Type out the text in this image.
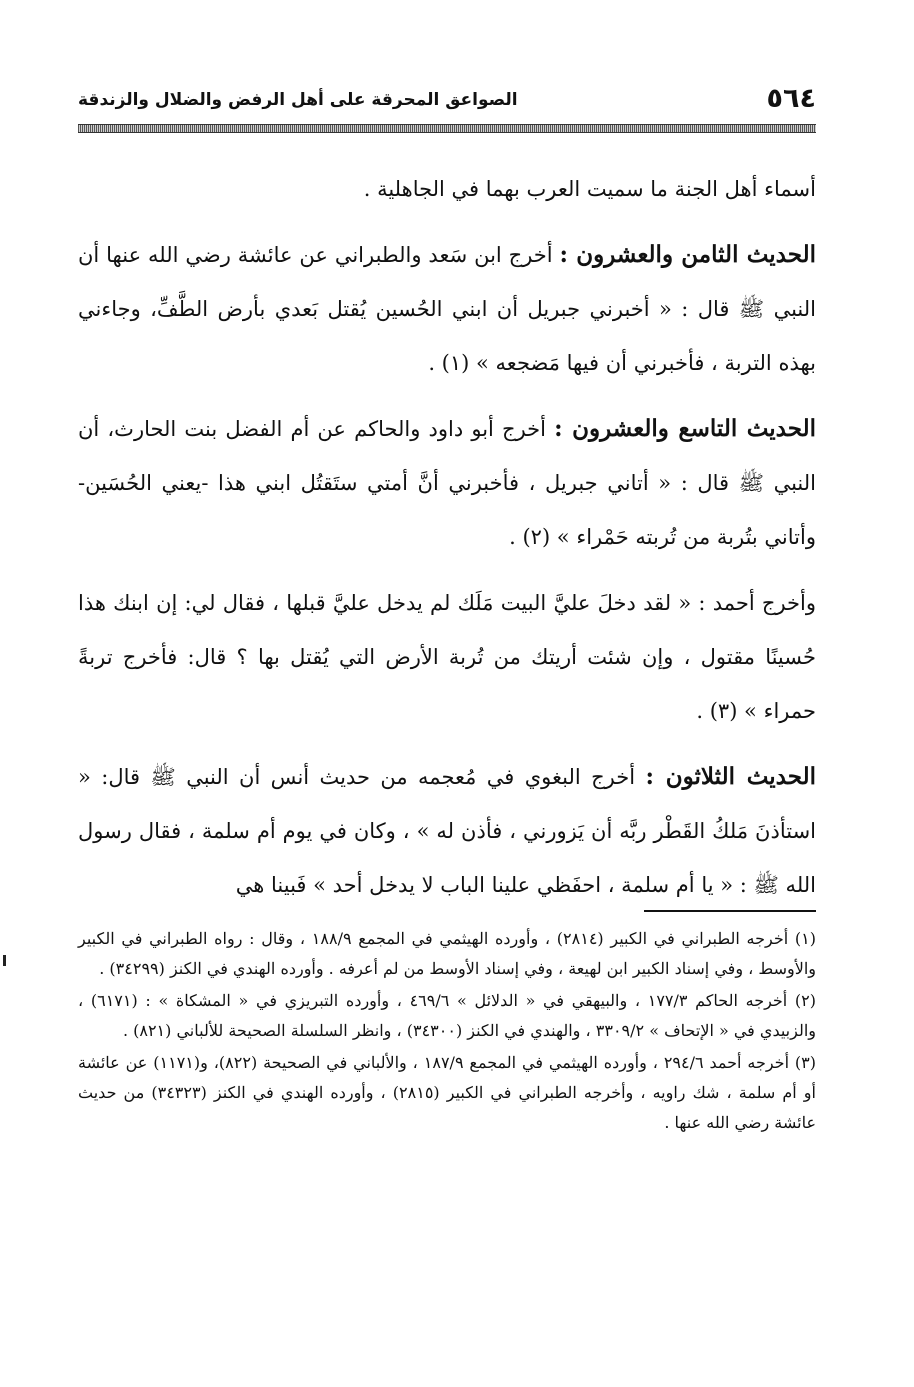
٥٦٤
الصواعق المحرقة على أهل الرفض والضلال والزندقة

أسماء أهل الجنة ما سميت العرب بهما في الجاهلية .

الحديث الثامن والعشرون : أخرج ابن سَعد والطبراني عن عائشة رضي الله عنها أن النبي ﷺ قال : « أخبرني جبريل أن ابني الحُسين يُقتل بَعدي بأرض الطَّفِّ، وجاءني بهذه التربة ، فأخبرني أن فيها مَضجعه » (١) .

الحديث التاسع والعشرون : أخرج أبو داود والحاكم عن أم الفضل بنت الحارث، أن النبي ﷺ قال : « أتاني جبريل ، فأخبرني أنَّ أمتي ستَقتُل ابني هذا -يعني الحُسَين- وأتاني بتُربة من تُربته حَمْراء » (٢) .

وأخرج أحمد : « لقد دخلَ عليَّ البيت مَلَك لم يدخل عليَّ قبلها ، فقال لي: إن ابنك هذا حُسينًا مقتول ، وإن شئت أريتك من تُربة الأرض التي يُقتل بها ؟ قال: فأخرج تربةً حمراء » (٣) .

الحديث الثلاثون : أخرج البغوي في مُعجمه من حديث أنس أن النبي ﷺ قال: « استأذنَ مَلكُ القَطْر ربَّه أن يَزورني ، فأذن له » ، وكان في يوم أم سلمة ، فقال رسول الله ﷺ : « يا أم سلمة ، احفَظي علينا الباب لا يدخل أحد » فَبينا هي

(١) أخرجه الطبراني في الكبير (٢٨١٤) ، وأورده الهيثمي في المجمع ١٨٨/٩ ، وقال : رواه الطبراني في الكبير والأوسط ، وفي إسناد الكبير ابن لهيعة ، وفي إسناد الأوسط من لم أعرفه . وأورده الهندي في الكنز (٣٤٢٩٩) .

(٢) أخرجه الحاكم ١٧٧/٣ ، والبيهقي في « الدلائل » ٤٦٩/٦ ، وأورده التبريزي في « المشكاة » : (٦١٧١) ، والزبيدي في « الإتحاف » ٣٣٠٩/٢ ، والهندي في الكنز (٣٤٣٠٠) ، وانظر السلسلة الصحيحة للألباني (٨٢١) .

(٣) أخرجه أحمد ٢٩٤/٦ ، وأورده الهيثمي في المجمع ١٨٧/٩ ، والألباني في الصحيحة (٨٢٢)، و(١١٧١) عن عائشة أو أم سلمة ، شك راويه ، وأخرجه الطبراني في الكبير (٢٨١٥) ، وأورده الهندي في الكنز (٣٤٣٢٣) من حديث عائشة رضي الله عنها .
